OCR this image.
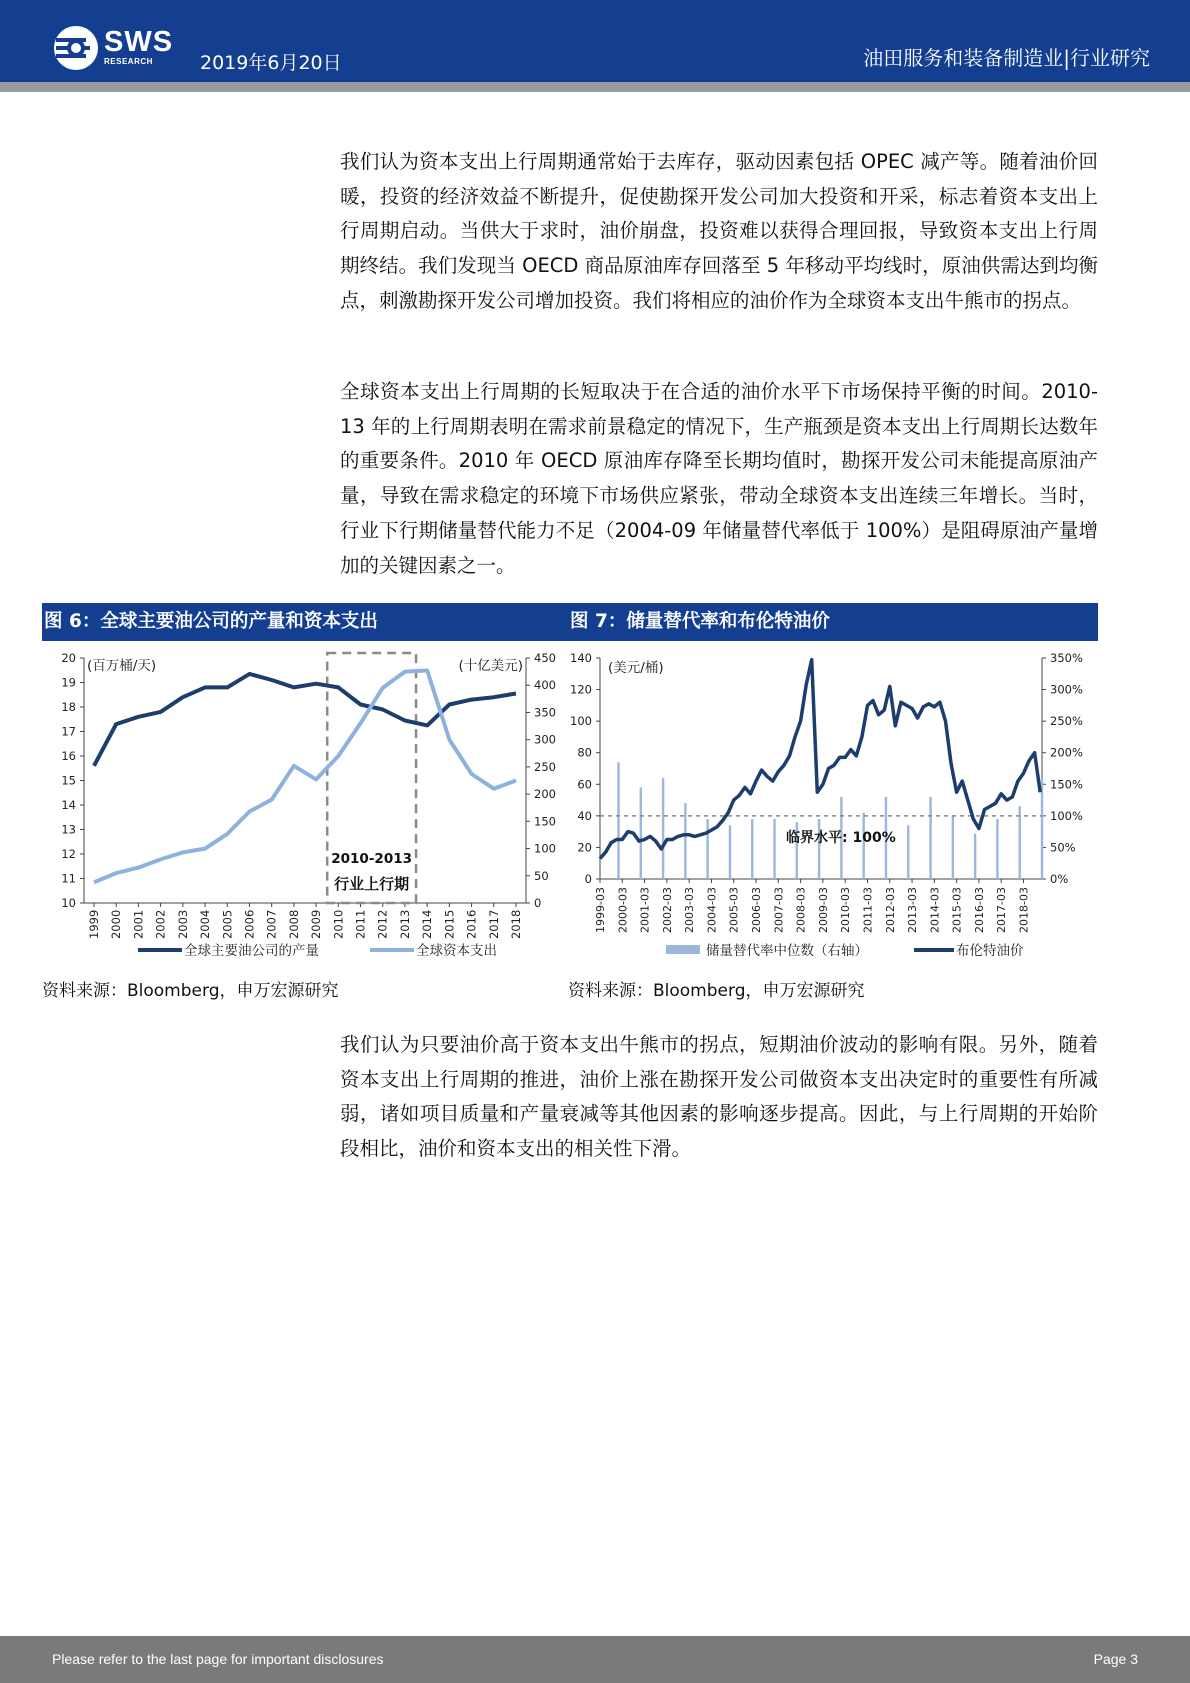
SWS
RESEARCH 2019年6月20日	油田服务和装备制造业|行业研究
我们认为资本支出上行周期通常始于去库存，驱动因素包括 OPEC 减产等。随着油价回暖，投资的经济效益不断提升，促使勘探开发公司加大投资和开采，标志着资本支出上行周期启动。当供大于求时，油价崩盘，投资难以获得合理回报，导致资本支出上行周期终结。我们发现当 OECD 商品原油库存回落至 5 年移动平均线时，原油供需达到均衡点，刺激勘探开发公司增加投资。我们将相应的油价作为全球资本支出牛熊市的拐点。
全球资本支出上行周期的长短取决于在合适的油价水平下市场保持平衡的时间。2010-13 年的上行周期表明在需求前景稳定的情况下，生产瓶颈是资本支出上行周期长达数年的重要条件。2010 年 OECD 原油库存降至长期均值时，勘探开发公司未能提高原油产量，导致在需求稳定的环境下市场供应紧张，带动全球资本支出连续三年增长。当时，行业下行期储量替代能力不足（2004-09 年储量替代率低于 100%）是阻碍原油产量增加的关键因素之一。
图 6：全球主要油公司的产量和资本支出	图 7：储量替代率和布伦特油价
10
11
12
13
14
15
16
17
18
19
20
0
50
100
150
200
250
300
350
400
450
(百万桶/天)	(十亿美元)
1999 2000 2001 2002 2003 2004 2005 2006 2007 2008 2009 2010 2011 2012 2013 2014 2015 2016 2017 2018
2010-2013
行业上行期
全球主要油公司的产量	全球资本支出
0
20
40
60
80
100
120
140
0%
50%
100%
150%
200%
250%
300%
350%
(美元/桶)
1999-03 2000-03 2001-03 2002-03 2003-03 2004-03 2005-03 2006-03 2007-03 2008-03 2009-03 2010-03 2011-03 2012-03 2013-03 2014-03 2015-03 2016-03 2017-03 2018-03
临界水平: 100%
储量替代率中位数（右轴）	布伦特油价
资料来源：Bloomberg，申万宏源研究	资料来源：Bloomberg，申万宏源研究
我们认为只要油价高于资本支出牛熊市的拐点，短期油价波动的影响有限。另外，随着资本支出上行周期的推进，油价上涨在勘探开发公司做资本支出决定时的重要性有所减弱，诸如项目质量和产量衰减等其他因素的影响逐步提高。因此，与上行周期的开始阶段相比，油价和资本支出的相关性下滑。
Please refer to the last page for important disclosures	Page 3
